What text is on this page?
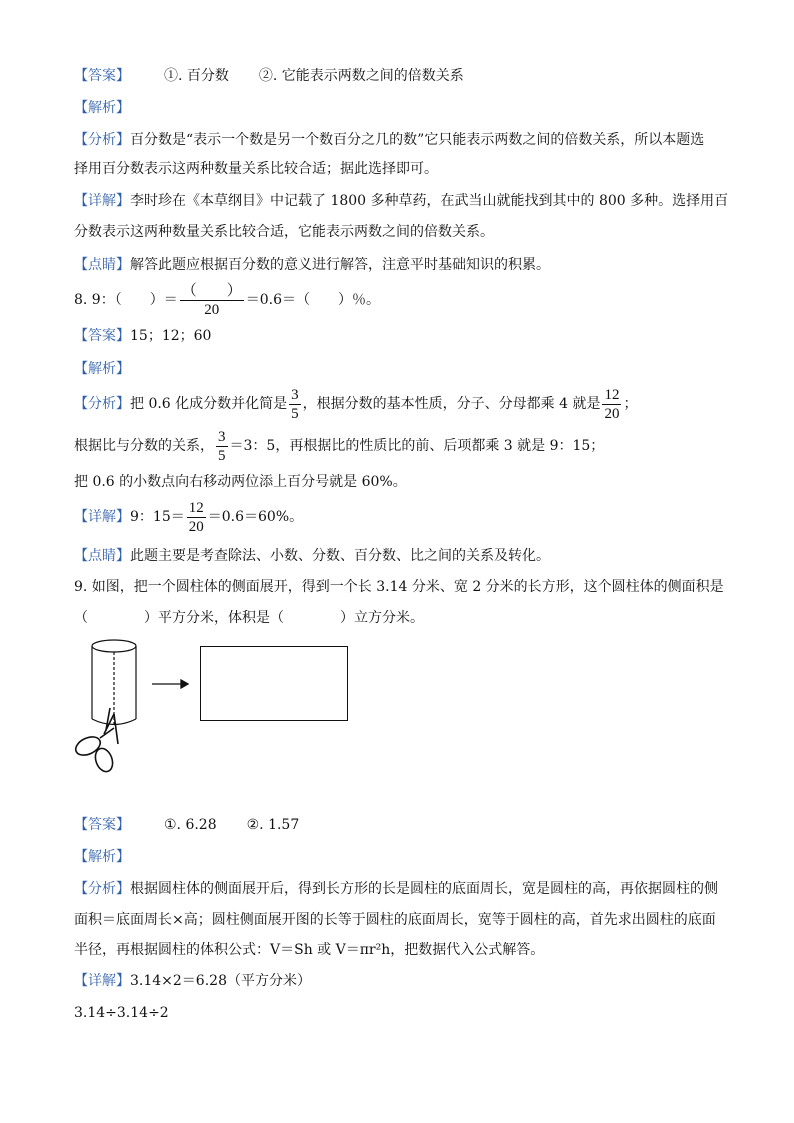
【答案】 ①. 百分数 ②. 它能表示两数之间的倍数关系
【解析】
【分析】百分数是“表示一个数是另一个数百分之几的数”它只能表示两数之间的倍数关系，所以本题选
择用百分数表示这两种数量关系比较合适；据此选择即可。
【详解】李时珍在《本草纲目》中记载了 1800 多种草药，在武当山就能找到其中的 800 多种。选择用百
分数表示这两种数量关系比较合适，它能表示两数之间的倍数关系。
【点睛】解答此题应根据百分数的意义进行解答，注意平时基础知识的积累。
8. 9：（　　）＝ $\frac{( )}{20} =0.6=$（　　）％。
【答案】15；12；60
【解析】
【分析】把 0.6 化成分数并化简是 $\frac{3}{5}$ ，根据分数的基本性质，分子、分母都乘 4 就是 $\frac{12}{20}$ ；
根据比与分数的关系， $\frac{3}{5} =3$：5，再根据比的性质比的前、后项都乘 3 就是 9：15；
把 0.6 的小数点向右移动两位添上百分号就是 60%。
【详解】9：$15= \frac{12}{20} =0.6=60\%$。
【点睛】此题主要是考查除法、小数、分数、百分数、比之间的关系及转化。
9. 如图，把一个圆柱体的侧面展开，得到一个长 3.14 分米、宽 2 分米的长方形，这个圆柱体的侧面积是
（　　　　）平方分米，体积是（　　　　）立方分米。
【答案】 ①. 6.28 ②. 1.57
【解析】
【分析】根据圆柱体的侧面展开后，得到长方形的长是圆柱的底面周长，宽是圆柱的高，再依据圆柱的侧
面积＝底面周长×高；圆柱侧面展开图的长等于圆柱的底面周长，宽等于圆柱的高，首先求出圆柱的底面
半径，再根据圆柱的体积公式：V＝Sh 或 V＝πr²h，把数据代入公式解答。
【详解】3.14×2＝6.28（平方分米）
3.14÷3.14÷2
